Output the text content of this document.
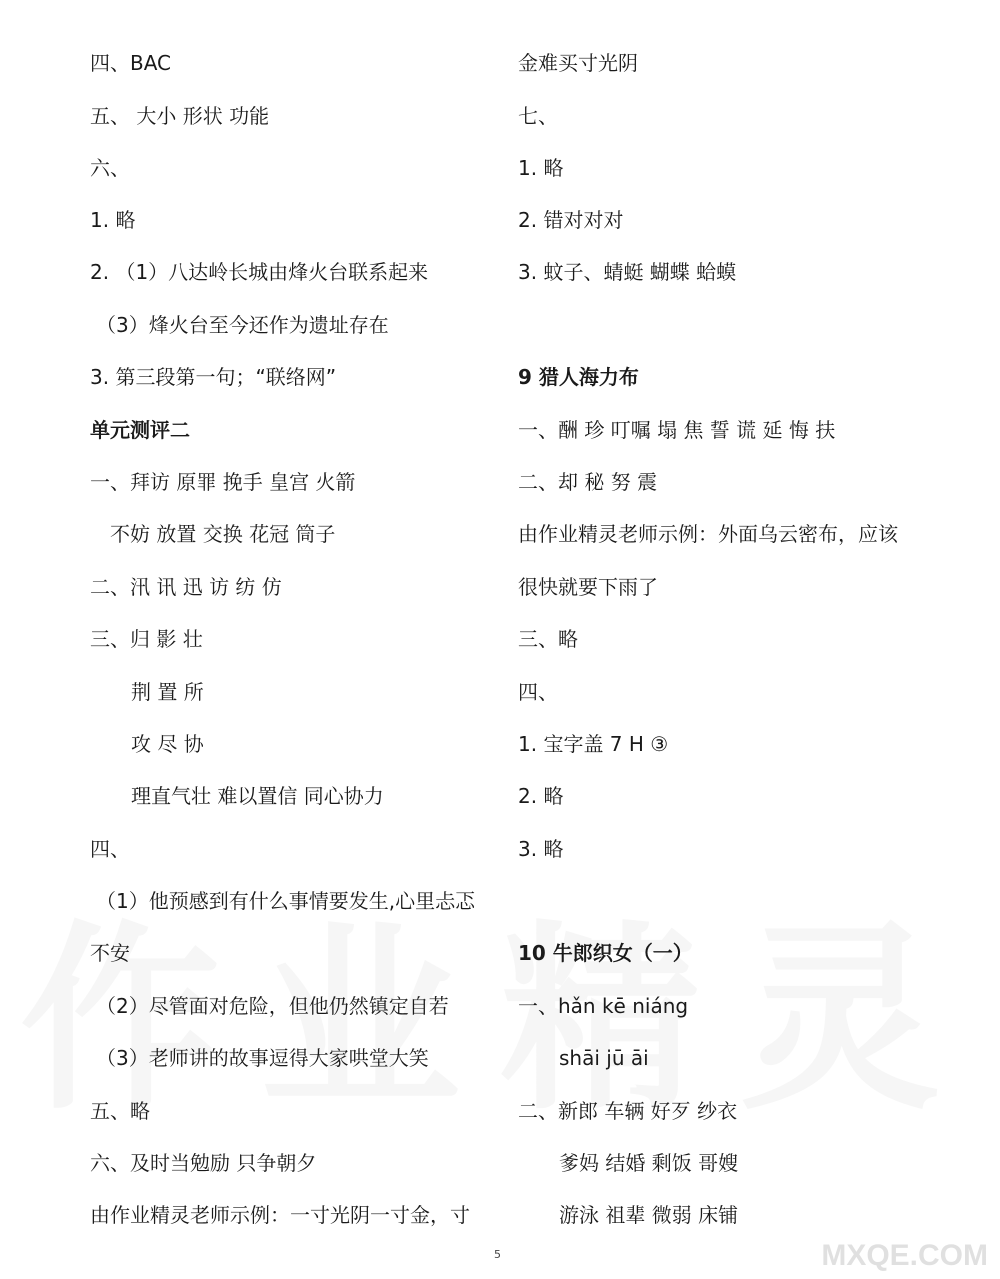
四、BAC
五、 大小 形状 功能
六、
1. 略
2. （1）八达岭长城由烽火台联系起来
（3）烽火台至今还作为遗址存在
3. 第三段第一句；“联络网”
单元测评二
一、拜访 原罪 挽手 皇宫 火箭
不妨 放置 交换 花冠 筒子
二、汛 讯 迅 访 纺 仿
三、归 影 壮
荆 置 所
攻 尽 协
理直气壮 难以置信 同心协力
四、
（1）他预感到有什么事情要发生,心里忐忑
不安
（2）尽管面对危险，但他仍然镇定自若
（3）老师讲的故事逗得大家哄堂大笑
五、略
六、及时当勉励 只争朝夕
由作业精灵老师示例：一寸光阴一寸金，寸
金难买寸光阴
七、
1. 略
2. 错对对对
3. 蚊子、蜻蜓 蝴蝶 蛤蟆
9 猎人海力布
一、酬 珍 叮嘱 塌 焦 誓 谎 延 悔 扶
二、却 秘 努 震
由作业精灵老师示例：外面乌云密布，应该
很快就要下雨了
三、略
四、
1. 宝字盖 7 H ③
2. 略
3. 略
10 牛郎织女（一）
一、hǎn kē niáng
shāi jū āi
二、新郎 车辆 好歹 纱衣
爹妈 结婚 剩饭 哥嫂
游泳 祖辈 微弱 床铺
5	MXQE.COM
